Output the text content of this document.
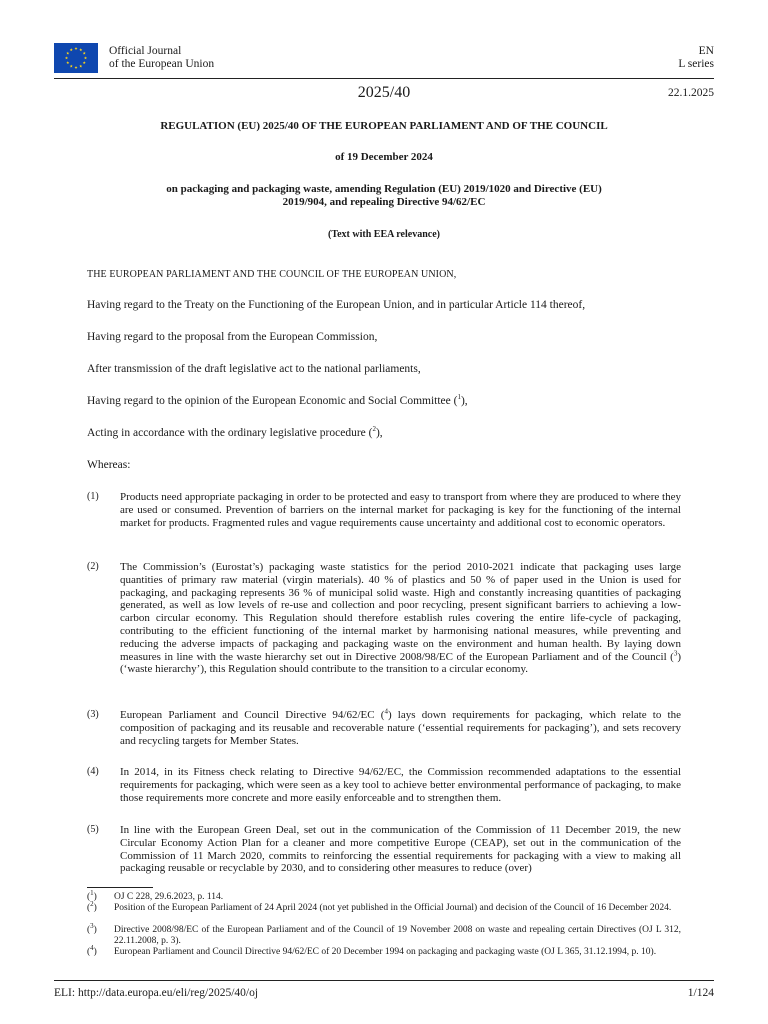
Official Journal
of the European Union
EN
L series
2025/40	22.1.2025
REGULATION (EU) 2025/40 OF THE EUROPEAN PARLIAMENT AND OF THE COUNCIL
of 19 December 2024
on packaging and packaging waste, amending Regulation (EU) 2019/1020 and Directive (EU)
2019/904, and repealing Directive 94/62/EC
(Text with EEA relevance)
THE EUROPEAN PARLIAMENT AND THE COUNCIL OF THE EUROPEAN UNION,
Having regard to the Treaty on the Functioning of the European Union, and in particular Article 114 thereof,
Having regard to the proposal from the European Commission,
After transmission of the draft legislative act to the national parliaments,
Having regard to the opinion of the European Economic and Social Committee ($^1$),
Acting in accordance with the ordinary legislative procedure ($^2$),
Whereas:
(1) Products need appropriate packaging in order to be protected and easy to transport from where they are produced to where they are used or consumed. Prevention of barriers on the internal market for packaging is key for the functioning of the internal market for products. Fragmented rules and vague requirements cause uncertainty and additional cost to economic operators.
(2) The Commission’s (Eurostat’s) packaging waste statistics for the period 2010-2021 indicate that packaging uses large quantities of primary raw material (virgin materials). 40 % of plastics and 50 % of paper used in the Union is used for packaging, and packaging represents 36 % of municipal solid waste. High and constantly increasing quantities of packaging generated, as well as low levels of re-use and collection and poor recycling, present significant barriers to achieving a low-carbon circular economy. This Regulation should therefore establish rules covering the entire life-cycle of packaging, contributing to the efficient functioning of the internal market by harmonising national measures, while preventing and reducing the adverse impacts of packaging and packaging waste on the environment and human health. By laying down measures in line with the waste hierarchy set out in Directive 2008/98/EC of the European Parliament and of the Council ($^3$) (‘waste hierarchy’), this Regulation should contribute to the transition to a circular economy.
(3) European Parliament and Council Directive 94/62/EC ($^4$) lays down requirements for packaging, which relate to the composition of packaging and its reusable and recoverable nature (‘essential requirements for packaging’), and sets recovery and recycling targets for Member States.
(4) In 2014, in its Fitness check relating to Directive 94/62/EC, the Commission recommended adaptations to the essential requirements for packaging, which were seen as a key tool to achieve better environmental performance of packaging, to make those requirements more concrete and more easily enforceable and to strengthen them.
(5) In line with the European Green Deal, set out in the communication of the Commission of 11 December 2019, the new Circular Economy Action Plan for a cleaner and more competitive Europe (CEAP), set out in the communication of the Commission of 11 March 2020, commits to reinforcing the essential requirements for packaging with a view to making all packaging reusable or recyclable by 2030, and to considering other measures to reduce (over)
($^1$) OJ C 228, 29.6.2023, p. 114.
($^2$) Position of the European Parliament of 24 April 2024 (not yet published in the Official Journal) and decision of the Council of 16 December 2024.
($^3$) Directive 2008/98/EC of the European Parliament and of the Council of 19 November 2008 on waste and repealing certain Directives (OJ L 312, 22.11.2008, p. 3).
($^4$) European Parliament and Council Directive 94/62/EC of 20 December 1994 on packaging and packaging waste (OJ L 365, 31.12.1994, p. 10).
ELI: http://data.europa.eu/eli/reg/2025/40/oj	1/124
